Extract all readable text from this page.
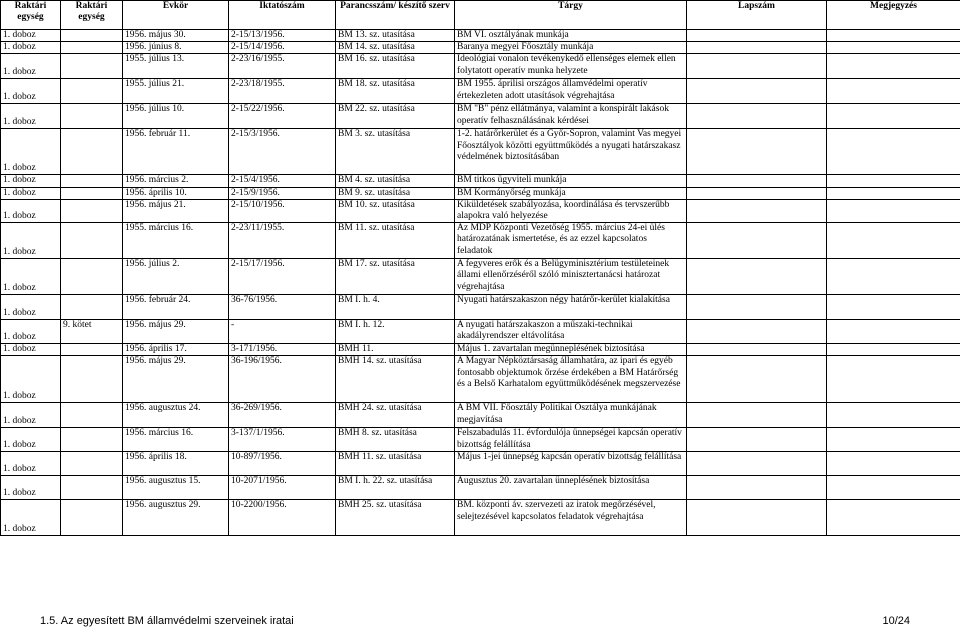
Raktári egység	Raktári egység	Évkör	Iktatószám	Parancsszám/ készítő szerv	Tárgy	Lapszám	Megjegyzés
1. doboz		1956. május 30.	2-15/13/1956.	BM 13. sz. utasítása	BM VI. osztályának munkája		
1. doboz		1956. június 8.	2-15/14/1956.	BM 14. sz. utasítása	Baranya megyei Főosztály munkája		
1. doboz		1955. július 13.	2-23/16/1955.	BM 16. sz. utasítása	Ideológiai vonalon tevékenykedő ellenséges elemek ellen folytatott operatív munka helyzete		
1. doboz		1955. július 21.	2-23/18/1955.	BM 18. sz. utasítása	BM 1955. áprilisi országos államvédelmi operatív értekezleten adott utasítások végrehajtása		
1. doboz		1956. július 10.	2-15/22/1956.	BM 22. sz. utasítása	BM "B" pénz ellátmánya, valamint a konspirált lakások operatív felhasználásának kérdései		
1. doboz		1956. február 11.	2-15/3/1956.	BM 3. sz. utasítása	1-2. határőrkerület és a Győr-Sopron, valamint Vas megyei Főosztályok közötti együttműködés a nyugati határszakasz védelmének biztosításában		
1. doboz		1956. március 2.	2-15/4/1956.	BM 4. sz. utasítása	BM titkos ügyviteli munkája		
1. doboz		1956. április 10.	2-15/9/1956.	BM 9. sz. utasítása	BM Kormányőrség munkája		
1. doboz		1956. május 21.	2-15/10/1956.	BM 10. sz. utasítása	Kiküldetések szabályozása, koordinálása és tervszerűbb alapokra való helyezése		
1. doboz		1955. március 16.	2-23/11/1955.	BM 11. sz. utasítása	Az MDP Központi Vezetőség 1955. március 24-ei ülés határozatának ismertetése, és az ezzel kapcsolatos feladatok		
1. doboz		1956. július 2.	2-15/17/1956.	BM 17. sz. utasítása	A fegyveres erők és a Belügyminisztérium testületeinek állami ellenőrzéséről szóló minisztertanácsi határozat végrehajtása		
1. doboz		1956. február 24.	36-76/1956.	BM I. h. 4.	Nyugati határszakaszon négy határőr-kerület kialakítása		
1. doboz	9. kötet	1956. május 29.	-	BM I. h. 12.	A nyugati határszakaszon a műszaki-technikai akadályrendszer eltávolítása		
1. doboz		1956. április 17.	3-171/1956.	BMH 11.	Május 1. zavartalan megünneplésének biztosítása		
1. doboz		1956. május 29.	36-196/1956.	BMH 14. sz. utasítása	A Magyar Népköztársaság államhatára, az ipari és egyéb fontosabb objektumok őrzése érdekében a BM Határőrség és a Belső Karhatalom együttműködésének megszervezése		
1. doboz		1956. augusztus 24.	36-269/1956.	BMH 24. sz. utasítása	A BM VII. Főosztály Politikai Osztálya munkájának megjavítása		
1. doboz		1956. március 16.	3-137/1/1956.	BMH 8. sz. utasítása	Felszabadulás 11. évfordulója ünnepségei kapcsán operatív bizottság felállítása		
1. doboz		1956. április 18.	10-897/1956.	BMH 11. sz. utasítása	Május 1-jei ünnepség kapcsán operatív bizottság felállítása		
1. doboz		1956. augusztus 15.	10-2071/1956.	BM I. h. 22. sz. utasítása	Augusztus 20. zavartalan ünneplésének biztosítása		
1. doboz		1956. augusztus 29.	10-2200/1956.	BMH 25. sz. utasítása	BM. központi áv. szervezeti az iratok megőrzésével, selejtezésével kapcsolatos feladatok végrehajtása		
1.5. Az egyesített BM államvédelmi szerveinek iratai	10/24
